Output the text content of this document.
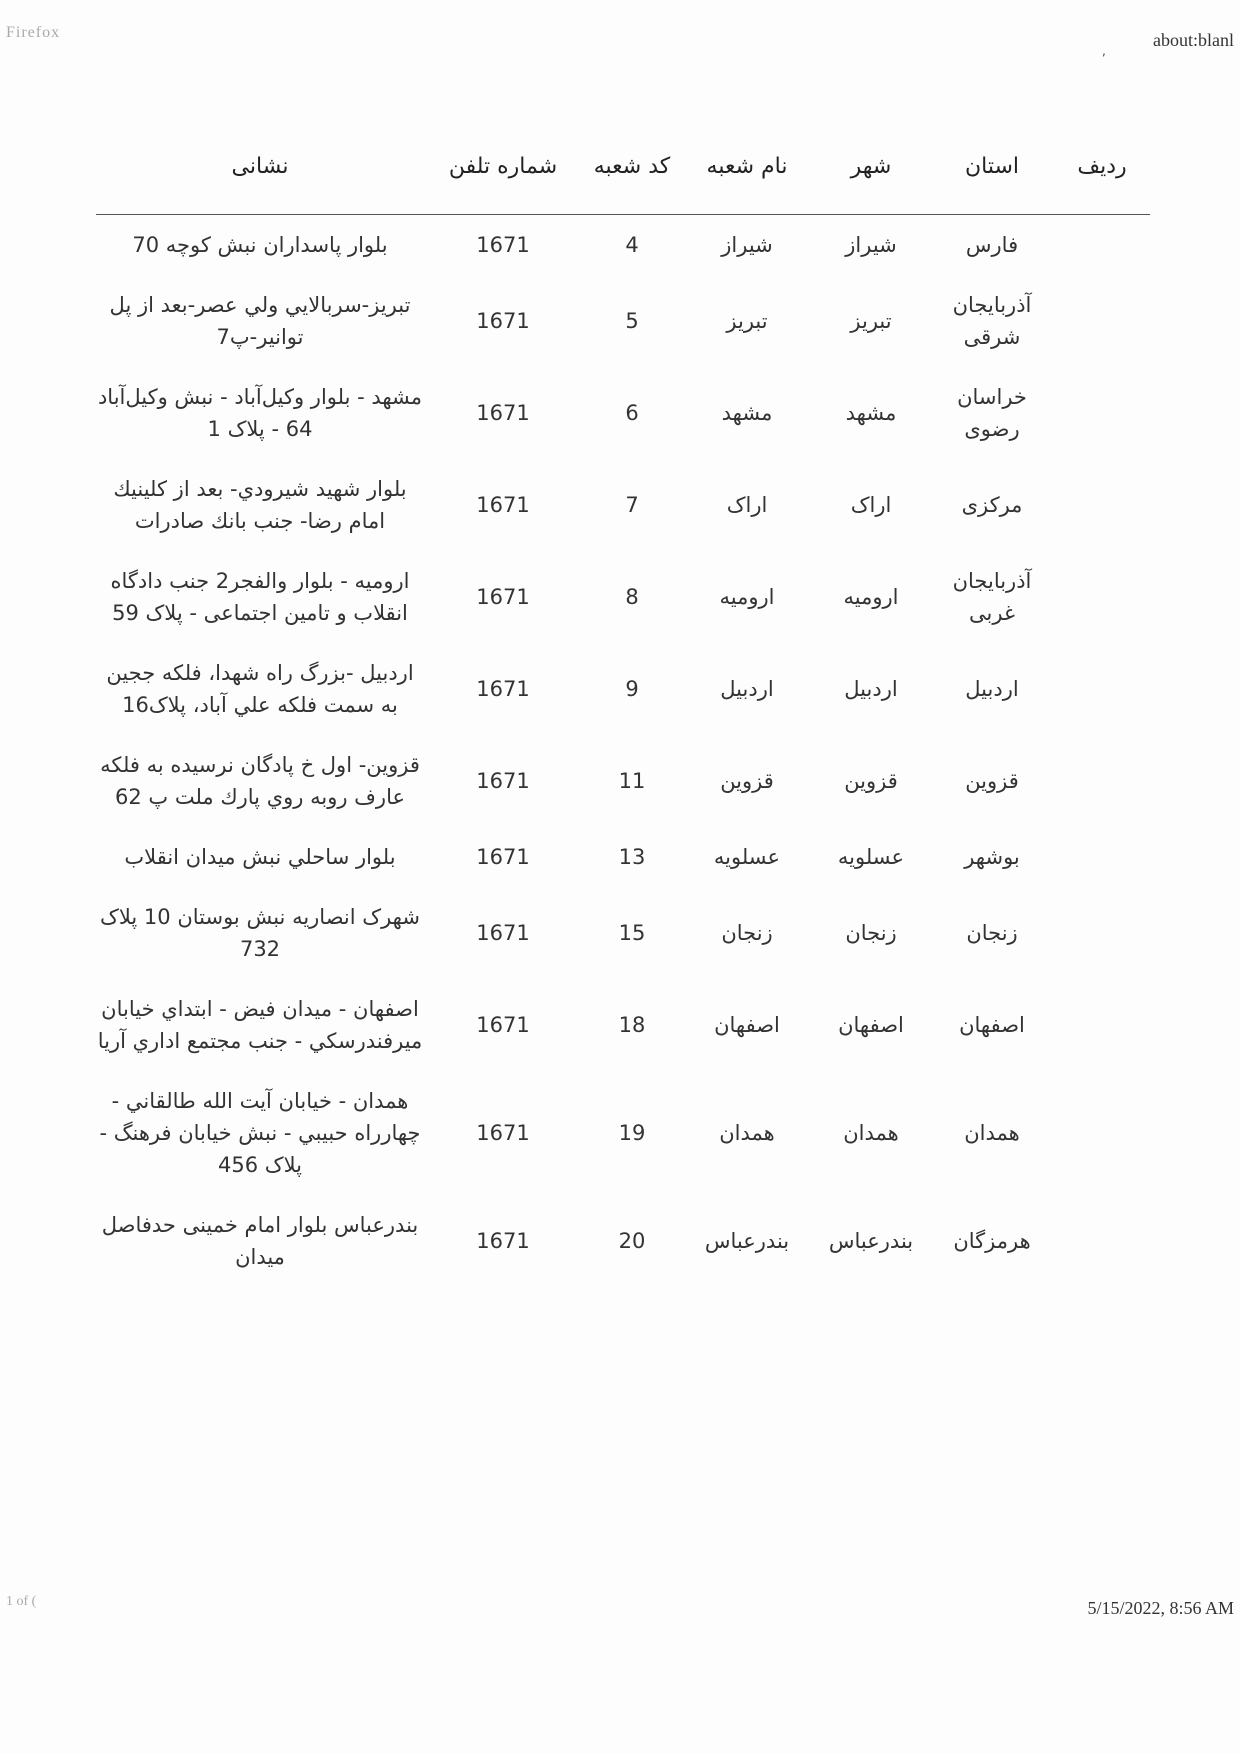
Firefox
,
about:blanl
ردیف	استان	شهر	نام شعبه	کد شعبه	شماره تلفن	نشانی
	فارس	شیراز	شیراز	4	1671	بلوار پاسداران نبش کوچه 70
	آذربایجان شرقی	تبریز	تبریز	5	1671	تبریز-سربالایي ولي عصر-بعد از پل توانیر-پ7
	خراسان رضوی	مشهد	مشهد	6	1671	مشهد - بلوار وکیل‌آباد - نبش وکیل‌آباد 64 - پلاک 1
	مرکزی	اراک	اراک	7	1671	بلوار شهيد شيرودي- بعد از كلينيك امام رضا- جنب بانك صادرات
	آذربایجان غربی	ارومیه	ارومیه	8	1671	ارومیه - بلوار والفجر2 جنب دادگاه انقلاب و تامین اجتماعی - پلاک 59
	اردبیل	اردبیل	اردبیل	9	1671	اردبیل -بزرگ راه شهدا، فلکه ججین به سمت فلکه علي آباد، پلاک16
	قزوین	قزوین	قزوین	11	1671	قزوین- اول خ پادگان نرسيده به فلكه عارف روبه روي پارك ملت پ 62
	بوشهر	عسلویه	عسلویه	13	1671	بلوار ساحلي نبش میدان انقلاب
	زنجان	زنجان	زنجان	15	1671	شهرک انصاریه نبش بوستان 10 پلاک 732
	اصفهان	اصفهان	اصفهان	18	1671	اصفهان - ميدان فيض - ابتداي خيابان ميرفندرسكي - جنب مجتمع اداري آريا
	همدان	همدان	همدان	19	1671	همدان - خیابان آیت الله طالقاني - چهارراه حبیبي - نبش خیابان فرهنگ - پلاک 456
	هرمزگان	بندرعباس	بندرعباس	20	1671	بندرعباس بلوار امام خمینی حدفاصل میدان
1 of (	5/15/2022, 8:56 AM
